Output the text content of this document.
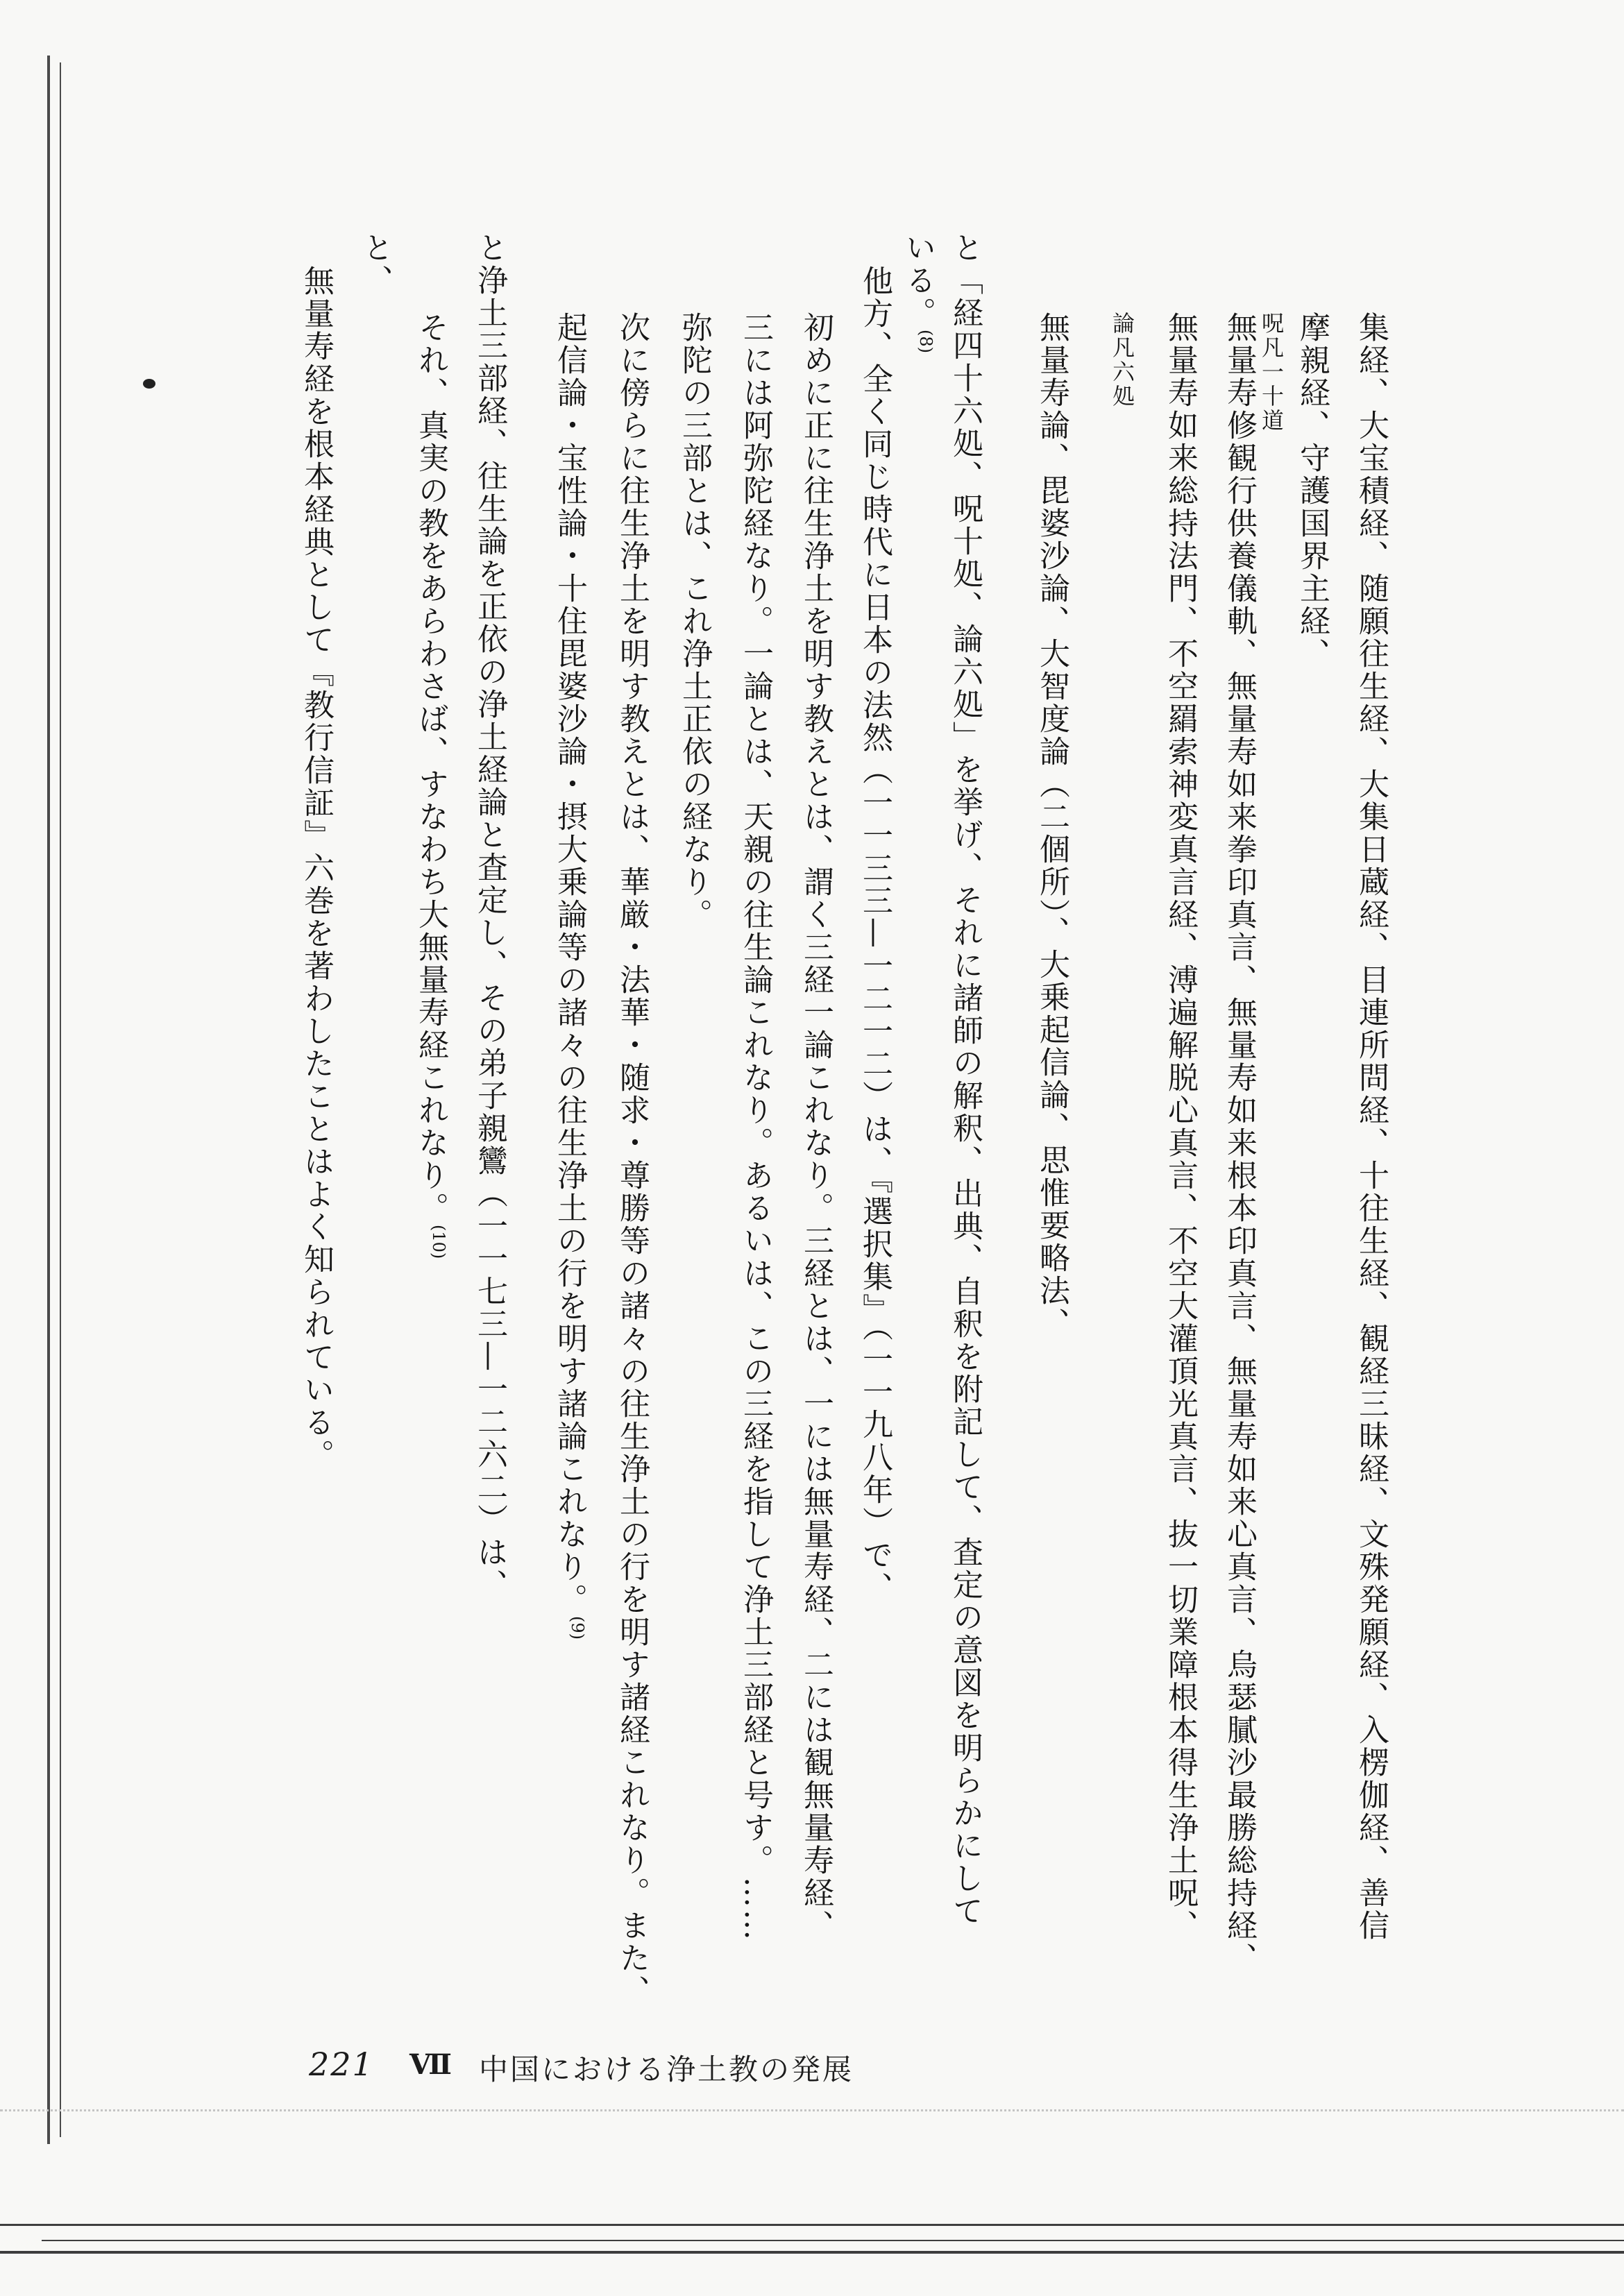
集経、大宝積経、随願往生経、大集日蔵経、目連所問経、十往生経、観経三昧経、文殊発願経、入楞伽経、善信
摩親経、守護国界主経、
呪凡一十道
無量寿修観行供養儀軌、無量寿如来拳印真言、無量寿如来根本印真言、無量寿如来心真言、烏瑟膩沙最勝総持経、
無量寿如来総持法門、不空羂索神変真言経、溥遍解脱心真言、不空大灌頂光真言、抜一切業障根本得生浄土呪、
論凡六処
無量寿論、毘婆沙論、大智度論（二個所）、大乗起信論、思惟要略法、
と「経四十六処、呪十処、論六処」を挙げ、それに諸師の解釈、出典、自釈を附記して、査定の意図を明らかにして
いる。(8)
他方、全く同じ時代に日本の法然（一一三三—一二一二）は、『選択集』（一一九八年）で、
初めに正に往生浄土を明す教えとは、謂く三経一論これなり。三経とは、一には無量寿経、二には観無量寿経、
三には阿弥陀経なり。一論とは、天親の往生論これなり。あるいは、この三経を指して浄土三部経と号す。……
弥陀の三部とは、これ浄土正依の経なり。
次に傍らに往生浄土を明す教えとは、華厳・法華・随求・尊勝等の諸々の往生浄土の行を明す諸経これなり。また、
起信論・宝性論・十住毘婆沙論・摂大乗論等の諸々の往生浄土の行を明す諸論これなり。(9)
と浄土三部経、往生論を正依の浄土経論と査定し、その弟子親鸞（一一七三—一二六二）は、
それ、真実の教をあらわさば、すなわち大無量寿経これなり。(10)
と、
無量寿経を根本経典として『教行信証』六巻を著わしたことはよく知られている。
221 Ⅶ 中国における浄土教の発展
